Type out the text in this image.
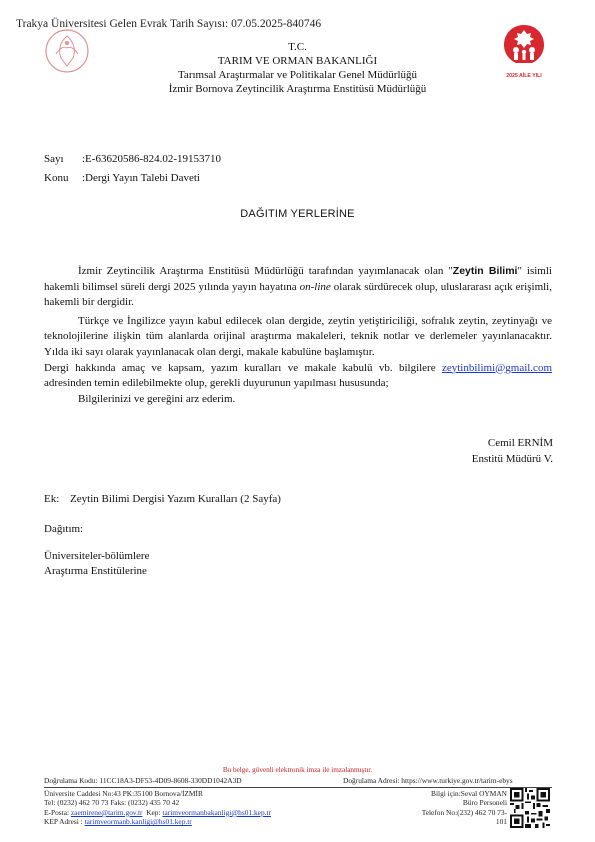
Trakya Üniversitesi Gelen Evrak Tarih Sayısı: 07.05.2025-840746
T.C.
TARIM VE ORMAN BAKANLIĞI
Tarımsal Araştırmalar ve Politikalar Genel Müdürlüğü
İzmir Bornova Zeytincilik Araştırma Enstitüsü Müdürlüğü
2025 AİLE YILI
Sayı :E-63620586-824.02-19153710
Konu :Dergi Yayın Talebi Daveti
DAĞITIM YERLERİNE

İzmir Zeytincilik Araştırma Enstitüsü Müdürlüğü tarafından yayımlanacak olan "Zeytin Bilimi" isimli hakemli bilimsel süreli dergi 2025 yılında yayın hayatına on-line olarak sürdürecek olup, uluslararası açık erişimli, hakemli bir dergidir.

Türkçe ve İngilizce yayın kabul edilecek olan dergide, zeytin yetiştiriciliği, sofralık zeytin, zeytinyağı ve teknolojilerine ilişkin tüm alanlarda orijinal araştırma makaleleri, teknik notlar ve derlemeler yayınlanacaktır. Yılda iki sayı olarak yayınlanacak olan dergi, makale kabulüne başlamıştır.

Dergi hakkında amaç ve kapsam, yazım kuralları ve makale kabulü vb. bilgilere zeytinbilimi@gmail.com adresinden temin edilebilmekte olup, gerekli duyurunun yapılması hususunda;

Bilgilerinizi ve gereğini arz ederim.

Cemil ERNİM
Enstitü Müdürü V.
Ek: Zeytin Bilimi Dergisi Yazım Kuralları (2 Sayfa)
Dağıtım:
Üniversiteler-bölümlere
Araştırma Enstitülerine
Bu belge, güvenli elektronik imza ile imzalanmıştır.
Doğrulama Kodu: 11CC18A3-DF53-4D09-8608-330DD1042A3D	Doğrulama Adresi: https://www.turkiye.gov.tr/tarim-ebys
Üniversite Caddesi No:43 PK:35100 Bornova/İZMİR
Tel: (0232) 462 70 73 Faks: (0232) 435 70 42
E-Posta: zaemirene@tarim.gov.tr Kep: tarimveormanbakanligi@hs01.kep.tr
KEP Adresi : tarimveormanb.kanligi@hs01.kep.tr
Bilgi için:Seval OYMAN
Büro Personeli
Telefon No:(232) 462 70 73-
101
